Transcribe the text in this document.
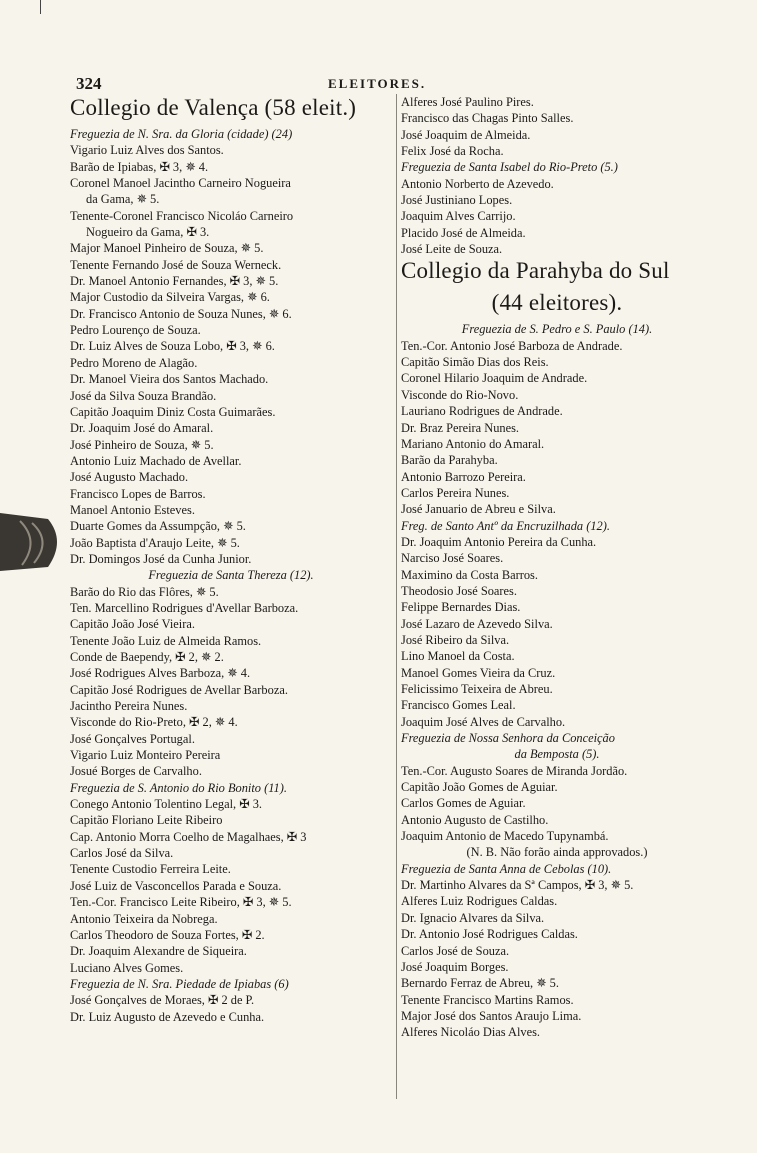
324	ELEITORES.
Collegio de Valença (58 eleit.)
Freguezia de N. Sra. da Gloria (cidade) (24)
Vigario Luiz Alves dos Santos.
Barão de Ipiabas, ✠ 3, ✵ 4.
Coronel Manoel Jacintho Carneiro Nogueira
da Gama, ✵ 5.
Tenente-Coronel Francisco Nicoláo Carneiro
Nogueiro da Gama, ✠ 3.
Major Manoel Pinheiro de Souza, ✵ 5.
Tenente Fernando José de Souza Werneck.
Dr. Manoel Antonio Fernandes, ✠ 3, ✵ 5.
Major Custodio da Silveira Vargas, ✵ 6.
Dr. Francisco Antonio de Souza Nunes, ✵ 6.
Pedro Lourenço de Souza.
Dr. Luiz Alves de Souza Lobo, ✠ 3, ✵ 6.
Pedro Moreno de Alagão.
Dr. Manoel Vieira dos Santos Machado.
José da Silva Souza Brandão.
Capitão Joaquim Diniz Costa Guimarães.
Dr. Joaquim José do Amaral.
José Pinheiro de Souza, ✵ 5.
Antonio Luiz Machado de Avellar.
José Augusto Machado.
Francisco Lopes de Barros.
Manoel Antonio Esteves.
Duarte Gomes da Assumpção, ✵ 5.
João Baptista d'Araujo Leite, ✵ 5.
Dr. Domingos José da Cunha Junior.
Freguezia de Santa Thereza (12).
Barão do Rio das Flôres, ✵ 5.
Ten. Marcellino Rodrigues d'Avellar Barboza.
Capitão João José Vieira.
Tenente João Luiz de Almeida Ramos.
Conde de Baependy, ✠ 2, ✵ 2.
José Rodrigues Alves Barboza, ✵ 4.
Capitão José Rodrigues de Avellar Barboza.
Jacintho Pereira Nunes.
Visconde do Rio-Preto, ✠ 2, ✵ 4.
José Gonçalves Portugal.
Vigario Luiz Monteiro Pereira
Josué Borges de Carvalho.
Freguezia de S. Antonio do Rio Bonito (11).
Conego Antonio Tolentino Legal, ✠ 3.
Capitão Floriano Leite Ribeiro
Cap. Antonio Morra Coelho de Magalhaes, ✠ 3
Carlos José da Silva.
Tenente Custodio Ferreira Leite.
José Luiz de Vasconcellos Parada e Souza.
Ten.-Cor. Francisco Leite Ribeiro, ✠ 3, ✵ 5.
Antonio Teixeira da Nobrega.
Carlos Theodoro de Souza Fortes, ✠ 2.
Dr. Joaquim Alexandre de Siqueira.
Luciano Alves Gomes.
Freguezia de N. Sra. Piedade de Ipiabas (6)
José Gonçalves de Moraes, ✠ 2 de P.
Dr. Luiz Augusto de Azevedo e Cunha.
Alferes José Paulino Pires.
Francisco das Chagas Pinto Salles.
José Joaquim de Almeida.
Felix José da Rocha.
Freguezia de Santa Isabel do Rio-Preto (5.)
Antonio Norberto de Azevedo.
José Justiniano Lopes.
Joaquim Alves Carrijo.
Placido José de Almeida.
José Leite de Souza.
Collegio da Parahyba do Sul
(44 eleitores).
Freguezia de S. Pedro e S. Paulo (14).
Ten.-Cor. Antonio José Barboza de Andrade.
Capitão Simão Dias dos Reis.
Coronel Hilario Joaquim de Andrade.
Visconde do Rio-Novo.
Lauriano Rodrigues de Andrade.
Dr. Braz Pereira Nunes.
Mariano Antonio do Amaral.
Barão da Parahyba.
Antonio Barrozo Pereira.
Carlos Pereira Nunes.
José Januario de Abreu e Silva.
Freg. de Santo Antº da Encruzilhada (12).
Dr. Joaquim Antonio Pereira da Cunha.
Narciso José Soares.
Maximino da Costa Barros.
Theodosio José Soares.
Felippe Bernardes Dias.
José Lazaro de Azevedo Silva.
José Ribeiro da Silva.
Lino Manoel da Costa.
Manoel Gomes Vieira da Cruz.
Felicissimo Teixeira de Abreu.
Francisco Gomes Leal.
Joaquim José Alves de Carvalho.
Freguezia de Nossa Senhora da Conceição
da Bemposta (5).
Ten.-Cor. Augusto Soares de Miranda Jordão.
Capitão João Gomes de Aguiar.
Carlos Gomes de Aguiar.
Antonio Augusto de Castilho.
Joaquim Antonio de Macedo Tupynambá.
(N. B. Não forão ainda approvados.)
Freguezia de Santa Anna de Cebolas (10).
Dr. Martinho Alvares da Sª Campos, ✠ 3, ✵ 5.
Alferes Luiz Rodrigues Caldas.
Dr. Ignacio Alvares da Silva.
Dr. Antonio José Rodrigues Caldas.
Carlos José de Souza.
José Joaquim Borges.
Bernardo Ferraz de Abreu, ✵ 5.
Tenente Francisco Martins Ramos.
Major José dos Santos Araujo Lima.
Alferes Nicoláo Dias Alves.
